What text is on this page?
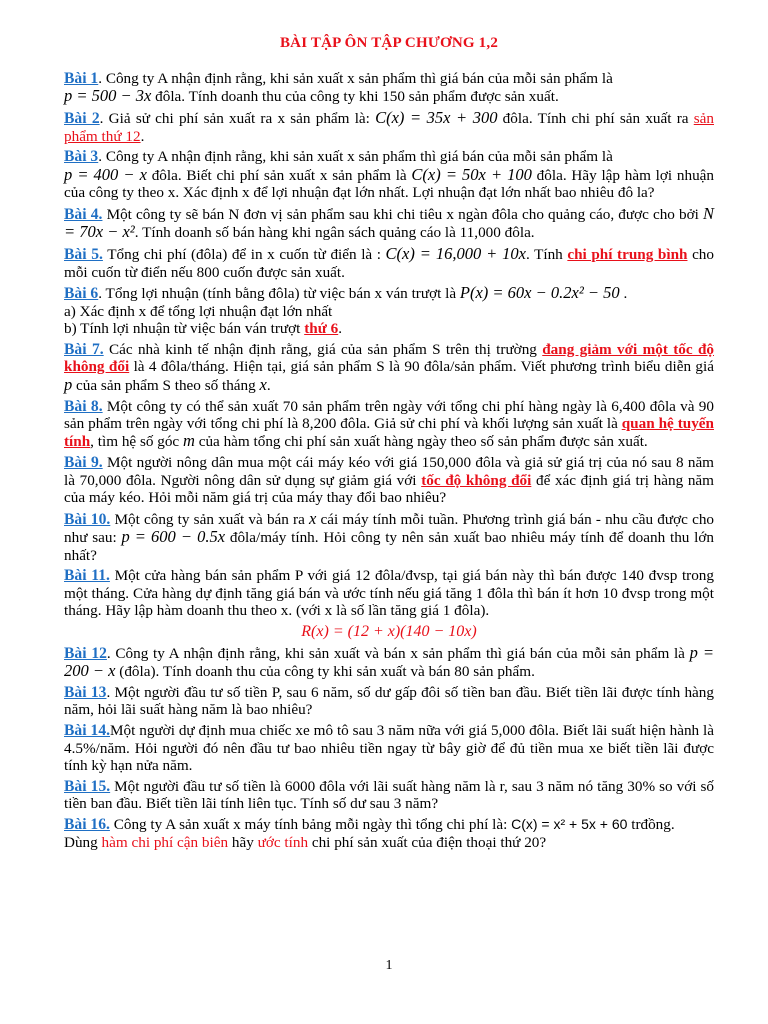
BÀI TẬP ÔN TẬP CHƯƠNG 1,2

Bài 1. Công ty A nhận định rằng, khi sản xuất x sản phẩm thì giá bán của mỗi sản phẩm là
p = 500 − 3x đôla. Tính doanh thu của công ty khi 150 sản phẩm được sản xuất.

Bài 2. Giả sử chi phí sản xuất ra x sản phẩm là: C(x) = 35x + 300 đôla. Tính chi phí sản xuất ra sản phẩm thứ 12.

Bài 3. Công ty A nhận định rằng, khi sản xuất x sản phẩm thì giá bán của mỗi sản phẩm là
p = 400 − x đôla. Biết chi phí sản xuất x sản phẩm là C(x) = 50x + 100 đôla. Hãy lập hàm lợi nhuận của công ty theo x. Xác định x để lợi nhuận đạt lớn nhất. Lợi nhuận đạt lớn nhất bao nhiêu đô la?

Bài 4. Một công ty sẽ bán N đơn vị sản phẩm sau khi chi tiêu x ngàn đôla cho quảng cáo, được cho bởi N = 70x − x². Tính doanh số bán hàng khi ngân sách quảng cáo là 11,000 đôla.

Bài 5. Tổng chi phí (đôla) để in x cuốn từ điển là : C(x) = 16,000 + 10x. Tính chi phí trung bình cho mỗi cuốn từ điển nếu 800 cuốn được sản xuất.

Bài 6. Tổng lợi nhuận (tính bằng đôla) từ việc bán x ván trượt là P(x) = 60x − 0.2x² − 50 .
a) Xác định x để tổng lợi nhuận đạt lớn nhất
b) Tính lợi nhuận từ việc bán ván trượt thứ 6.

Bài 7. Các nhà kinh tế nhận định rằng, giá của sản phẩm S trên thị trường đang giảm với một tốc độ không đổi là 4 đôla/tháng. Hiện tại, giá sản phẩm S là 90 đôla/sản phẩm. Viết phương trình biểu diễn giá p của sản phẩm S theo số tháng x.

Bài 8. Một công ty có thể sản xuất 70 sản phẩm trên ngày với tổng chi phí hàng ngày là 6,400 đôla và 90 sản phẩm trên ngày với tổng chi phí là 8,200 đôla. Giả sử chi phí và khối lượng sản xuất là quan hệ tuyến tính, tìm hệ số góc m của hàm tổng chi phí sản xuất hàng ngày theo số sản phẩm được sản xuất.

Bài 9. Một người nông dân mua một cái máy kéo với giá 150,000 đôla và giả sử giá trị của nó sau 8 năm là 70,000 đôla. Người nông dân sử dụng sự giảm giá với tốc độ không đổi để xác định giá trị hàng năm của máy kéo. Hỏi mỗi năm giá trị của máy thay đổi bao nhiêu?

Bài 10. Một công ty sản xuất và bán ra x cái máy tính mỗi tuần. Phương trình giá bán - nhu cầu được cho như sau: p = 600 − 0.5x đôla/máy tính. Hỏi công ty nên sản xuất bao nhiêu máy tính để doanh thu lớn nhất?

Bài 11. Một cửa hàng bán sản phẩm P với giá 12 đôla/đvsp, tại giá bán này thì bán được 140 đvsp trong một tháng. Cửa hàng dự định tăng giá bán và ước tính nếu giá tăng 1 đôla thì bán ít hơn 10 đvsp trong một tháng. Hãy lập hàm doanh thu theo x. (với x là số lần tăng giá 1 đôla).

R(x) = (12 + x)(140 − 10x)

Bài 12. Công ty A nhận định rằng, khi sản xuất và bán x sản phẩm thì giá bán của mỗi sản phẩm là p = 200 − x (đôla). Tính doanh thu của công ty khi sản xuất và bán 80 sản phẩm.

Bài 13. Một người đầu tư số tiền P, sau 6 năm, số dư gấp đôi số tiền ban đầu. Biết tiền lãi được tính hàng năm, hỏi lãi suất hàng năm là bao nhiêu?

Bài 14.Một người dự định mua chiếc xe mô tô sau 3 năm nữa với giá 5,000 đôla. Biết lãi suất hiện hành là 4.5%/năm. Hỏi người đó nên đầu tư bao nhiêu tiền ngay từ bây giờ để đủ tiền mua xe biết tiền lãi được tính kỳ hạn nửa năm.

Bài 15. Một người đầu tư số tiền là 6000 đôla với lãi suất hàng năm là r, sau 3 năm nó tăng 30% so với số tiền ban đầu. Biết tiền lãi tính liên tục. Tính số dư sau 3 năm?

Bài 16. Công ty A sản xuất x máy tính bảng mỗi ngày thì tổng chi phí là: C(x) = x² + 5x + 60 trđồng.
Dùng hàm chi phí cận biên hãy ước tính chi phí sản xuất của điện thoại thứ 20?

1
